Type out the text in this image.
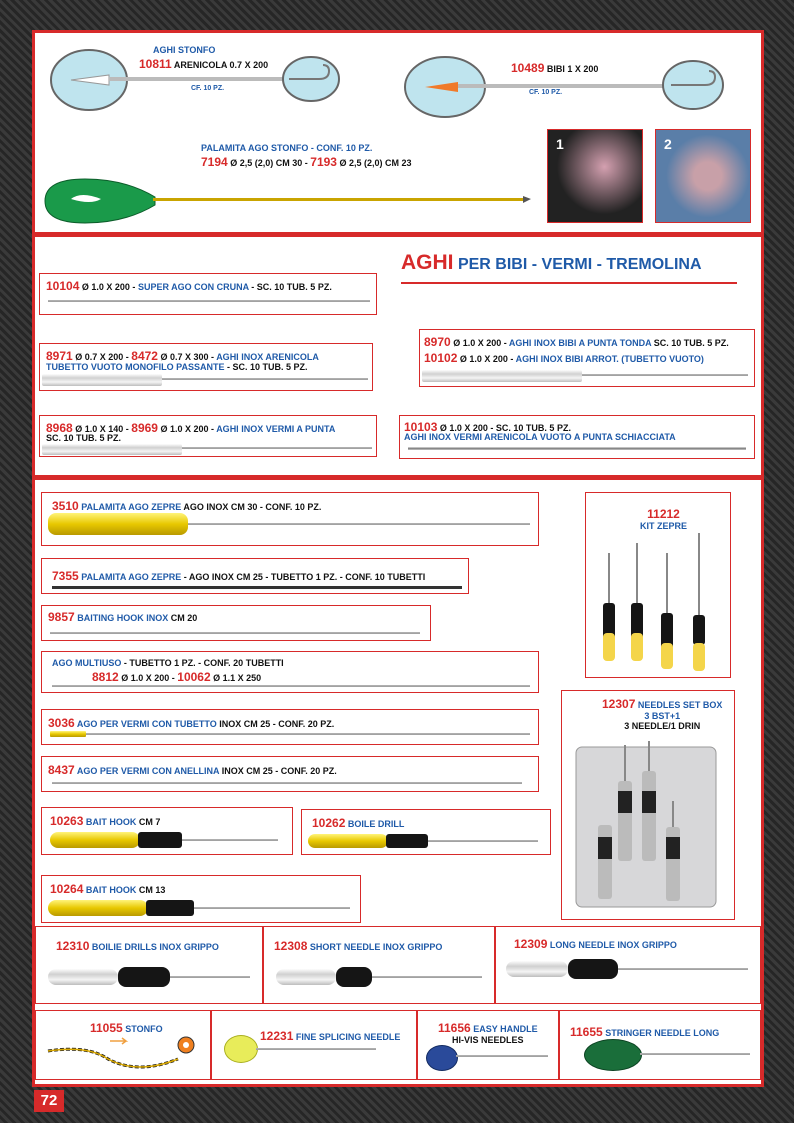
AGHI STONFO
10811 ARENICOLA 0.7 X 200
CF. 10 PZ.
10489 BIBI 1 X 200
CF. 10 PZ.
PALAMITA AGO STONFO - CONF. 10 PZ.
7194 Ø 2,5 (2,0) CM 30 - 7193 Ø 2,5 (2,0) CM 23
1	2
AGHI PER BIBI - VERMI - TREMOLINA
10104 Ø 1.0 X 200 - SUPER AGO CON CRUNA - SC. 10 TUB. 5 PZ.
8971 Ø 0.7 X 200 - 8472 Ø 0.7 X 300 - AGHI INOX ARENICOLA
TUBETTO VUOTO MONOFILO PASSANTE - SC. 10 TUB. 5 PZ.
8968 Ø 1.0 X 140 - 8969 Ø 1.0 X 200 - AGHI INOX VERMI A PUNTA
SC. 10 TUB. 5 PZ.
8970 Ø 1.0 X 200 - AGHI INOX BIBI A PUNTA TONDA SC. 10 TUB. 5 PZ.
10102 Ø 1.0 X 200 - AGHI INOX BIBI ARROT. (TUBETTO VUOTO)
10103 Ø 1.0 X 200 - SC. 10 TUB. 5 PZ.
AGHI INOX VERMI ARENICOLA VUOTO A PUNTA SCHIACCIATA
3510 PALAMITA AGO ZEPRE AGO INOX CM 30 - CONF. 10 PZ.
7355 PALAMITA AGO ZEPRE - AGO INOX CM 25 - TUBETTO 1 PZ. - CONF. 10 TUBETTI
9857 BAITING HOOK INOX CM 20
AGO MULTIUSO - TUBETTO 1 PZ. - CONF. 20 TUBETTI
8812 Ø 1.0 X 200 - 10062 Ø 1.1 X 250
3036 AGO PER VERMI CON TUBETTO INOX CM 25 - CONF. 20 PZ.
8437 AGO PER VERMI CON ANELLINA INOX CM 25 - CONF. 20 PZ.
10263 BAIT HOOK CM 7	10262 BOILE DRILL
10264 BAIT HOOK CM 13
11212
KIT ZEPRE
12307 NEEDLES SET BOX
3 BST+1
3 NEEDLE/1 DRIN
12310 BOILIE DRILLS INOX GRIPPO	12308 SHORT NEEDLE INOX GRIPPO	12309 LONG NEEDLE INOX GRIPPO
11055 STONFO	12231 FINE SPLICING NEEDLE
11656 EASY HANDLE
HI-VIS NEEDLES
11655 STRINGER NEEDLE LONG
72
